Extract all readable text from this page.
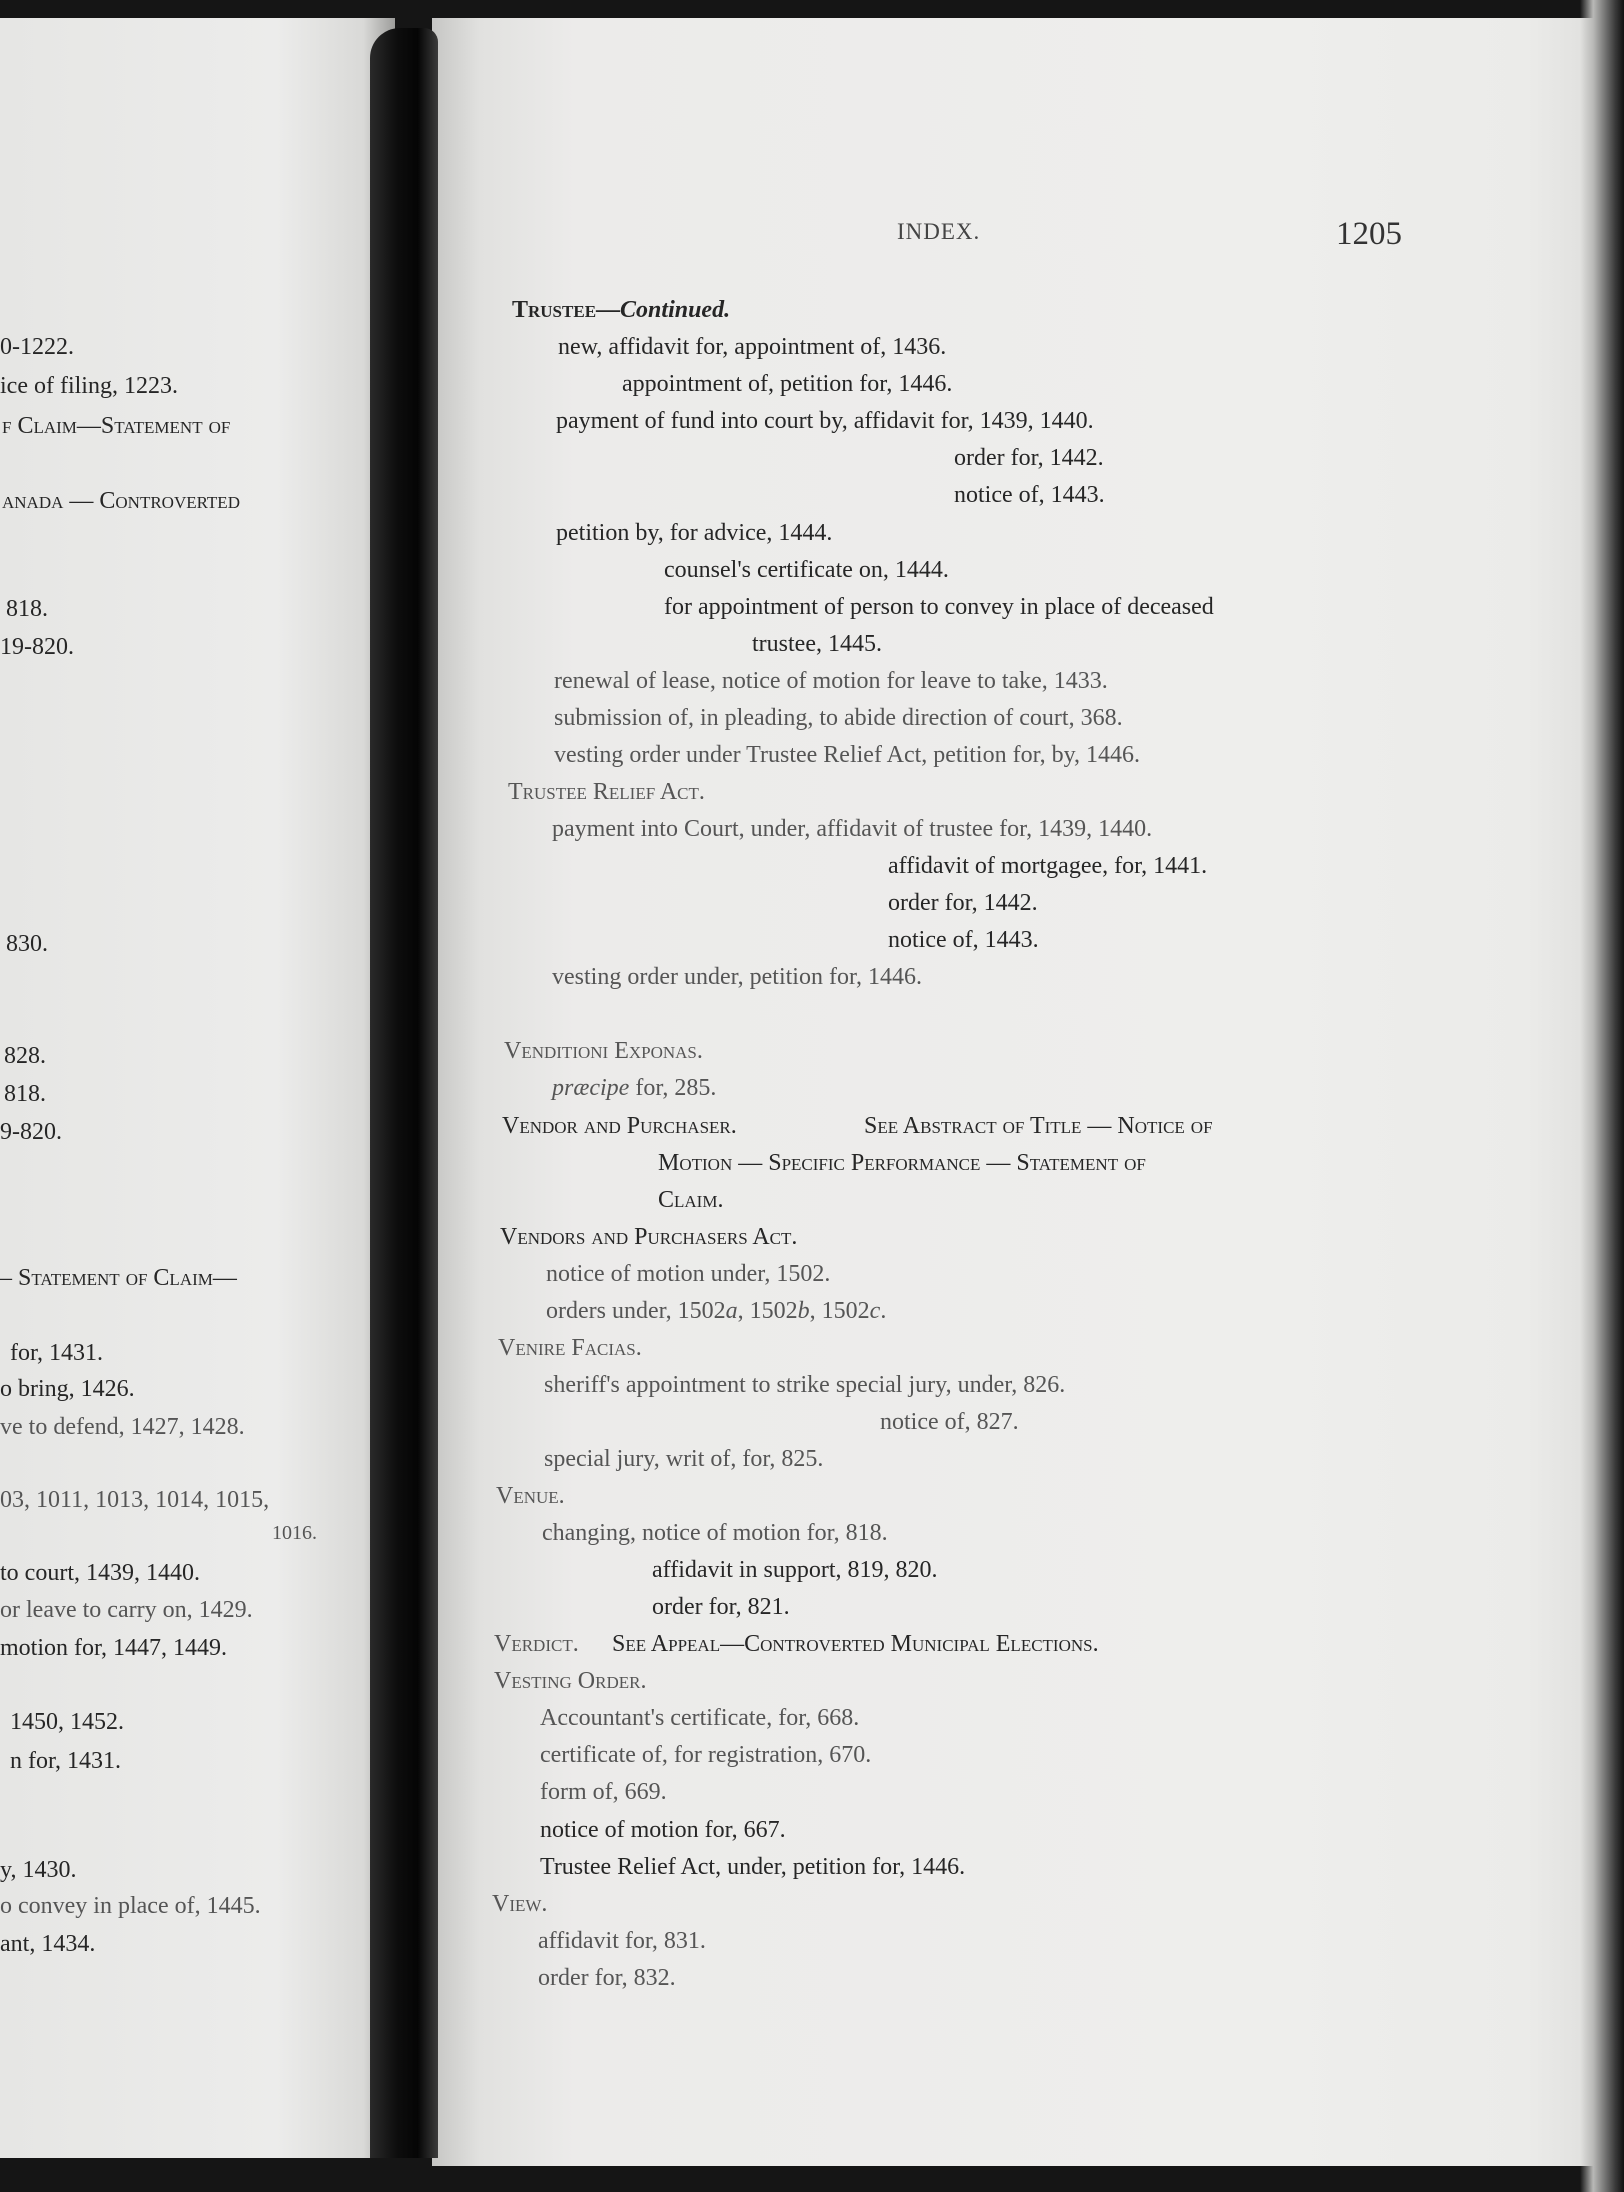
0-1222.
ice of filing, 1223.
f Claim—Statement of
anada — Controverted
818.
19-820.
830.
828.
818.
9-820.
– Statement of Claim—
for, 1431.
o bring, 1426.
ve to defend, 1427, 1428.
03, 1011, 1013, 1014, 1015,
1016.
to court, 1439, 1440.
or leave to carry on, 1429.
motion for, 1447, 1449.
1450, 1452.
n for, 1431.
y, 1430.
o convey in place of, 1445.
ant, 1434.
INDEX.	1205
Trustee—Continued.
new, affidavit for, appointment of, 1436.
appointment of, petition for, 1446.
payment of fund into court by, affidavit for, 1439, 1440.
order for, 1442.
notice of, 1443.
petition by, for advice, 1444.
counsel's certificate on, 1444.
for appointment of person to convey in place of deceased
trustee, 1445.
renewal of lease, notice of motion for leave to take, 1433.
submission of, in pleading, to abide direction of court, 368.
vesting order under Trustee Relief Act, petition for, by, 1446.
Trustee Relief Act.
payment into Court, under, affidavit of trustee for, 1439, 1440.
affidavit of mortgagee, for, 1441.
order for, 1442.
notice of, 1443.
vesting order under, petition for, 1446.
Venditioni Exponas.
præcipe for, 285.
Vendor and Purchaser.	See Abstract of Title — Notice of
Motion — Specific Performance — Statement of
Claim.
Vendors and Purchasers Act.
notice of motion under, 1502.
orders under, 1502a, 1502b, 1502c.
Venire Facias.
sheriff's appointment to strike special jury, under, 826.
notice of, 827.
special jury, writ of, for, 825.
Venue.
changing, notice of motion for, 818.
affidavit in support, 819, 820.
order for, 821.
Verdict. See Appeal—Controverted Municipal Elections.
Vesting Order.
Accountant's certificate, for, 668.
certificate of, for registration, 670.
form of, 669.
notice of motion for, 667.
Trustee Relief Act, under, petition for, 1446.
View.
affidavit for, 831.
order for, 832.
